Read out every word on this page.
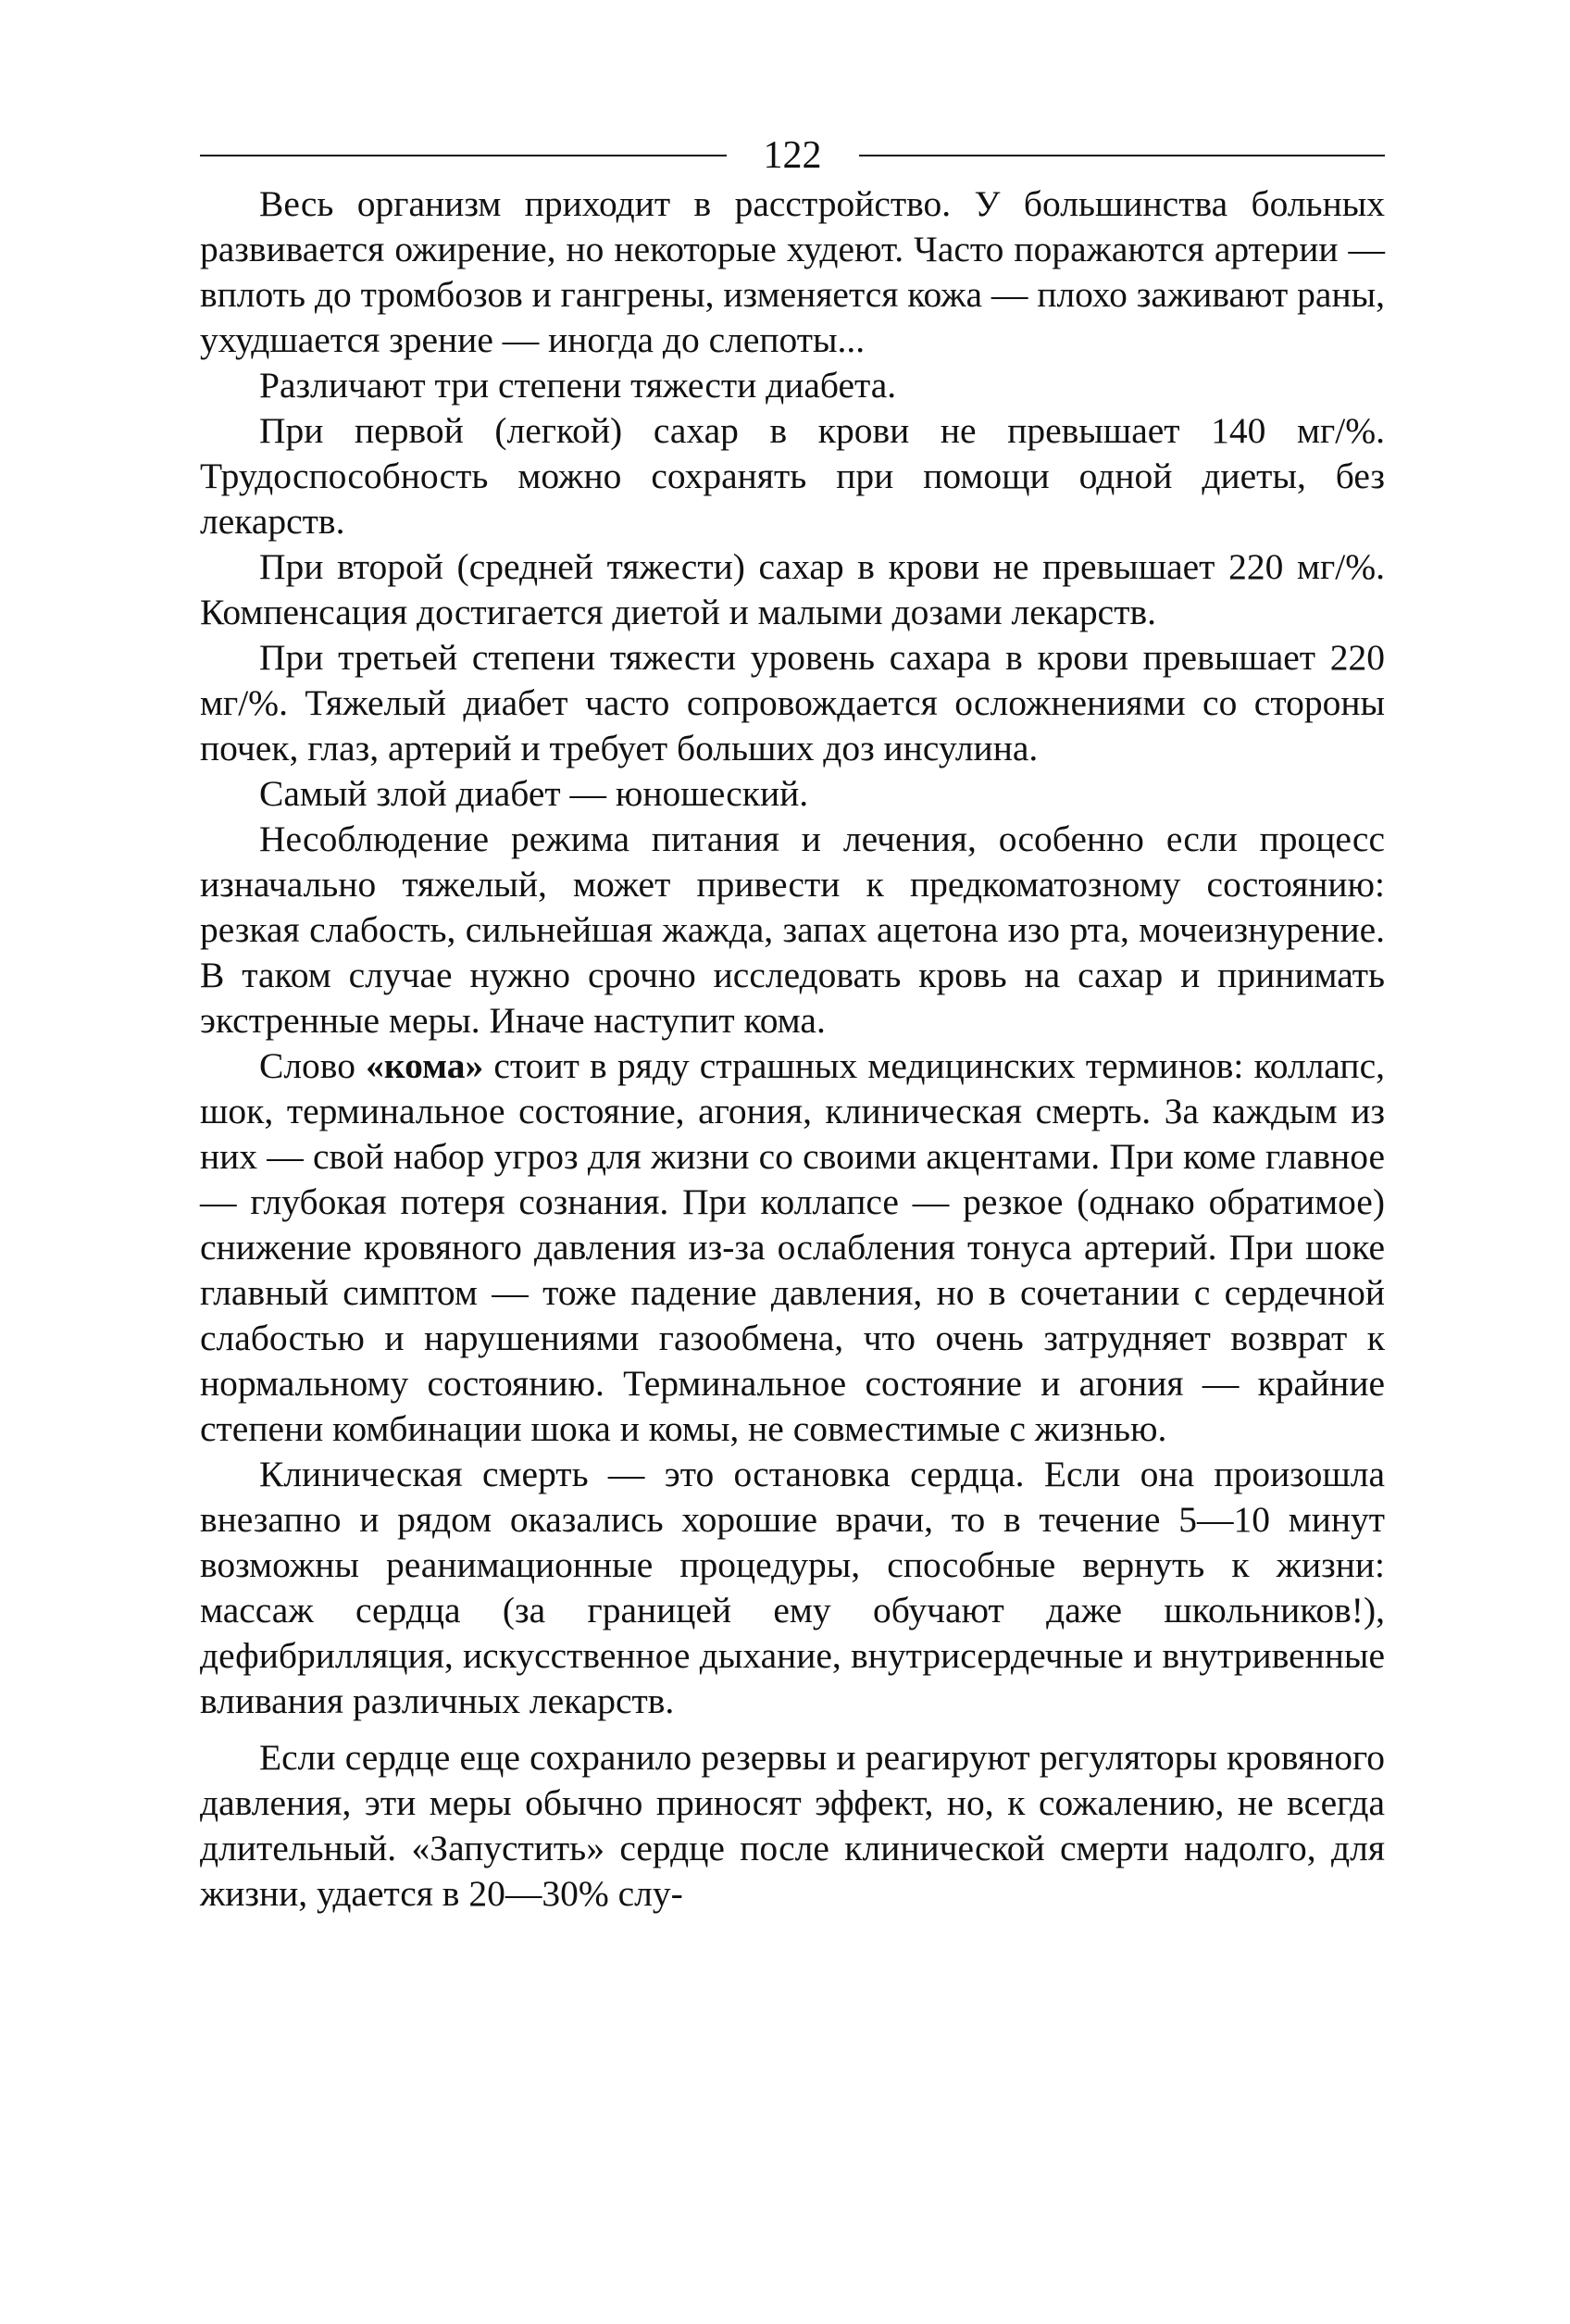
122

Весь организм приходит в расстройство. У большинства больных развивается ожирение, но некоторые худеют. Часто поражаются артерии — вплоть до тромбозов и гангрены, изменяется кожа — плохо заживают раны, ухудшается зрение — иногда до слепоты...

Различают три степени тяжести диабета.

При первой (легкой) сахар в крови не превышает 140 мг/%. Трудоспособность можно сохранять при помощи одной диеты, без лекарств.

При второй (средней тяжести) сахар в крови не превышает 220 мг/%. Компенсация достигается диетой и малыми дозами лекарств.

При третьей степени тяжести уровень сахара в крови превышает 220 мг/%. Тяжелый диабет часто сопровождается осложнениями со стороны почек, глаз, артерий и требует больших доз инсулина.

Самый злой диабет — юношеский.

Несоблюдение режима питания и лечения, особенно если процесс изначально тяжелый, может привести к предкоматозному состоянию: резкая слабость, сильнейшая жажда, запах ацетона изо рта, мочеизнурение. В таком случае нужно срочно исследовать кровь на сахар и принимать экстренные меры. Иначе наступит кома.

Слово «кома» стоит в ряду страшных медицинских терминов: коллапс, шок, терминальное состояние, агония, клиническая смерть. За каждым из них — свой набор угроз для жизни со своими акцентами. При коме главное — глубокая потеря сознания. При коллапсе — резкое (однако обратимое) снижение кровяного давления из-за ослабления тонуса артерий. При шоке главный симптом — тоже падение давления, но в сочетании с сердечной слабостью и нарушениями газообмена, что очень затрудняет возврат к нормальному состоянию. Терминальное состояние и агония — крайние степени комбинации шока и комы, не совместимые с жизнью.

Клиническая смерть — это остановка сердца. Если она произошла внезапно и рядом оказались хорошие врачи, то в течение 5—10 минут возможны реанимационные процедуры, способные вернуть к жизни: массаж сердца (за границей ему обучают даже школьников!), дефибрилляция, искусственное дыхание, внутрисердечные и внутривенные вливания различных лекарств.

Если сердце еще сохранило резервы и реагируют регуляторы кровяного давления, эти меры обычно приносят эффект, но, к сожалению, не всегда длительный. «Запустить» сердце после клинической смерти надолго, для жизни, удается в 20—30% слу-
